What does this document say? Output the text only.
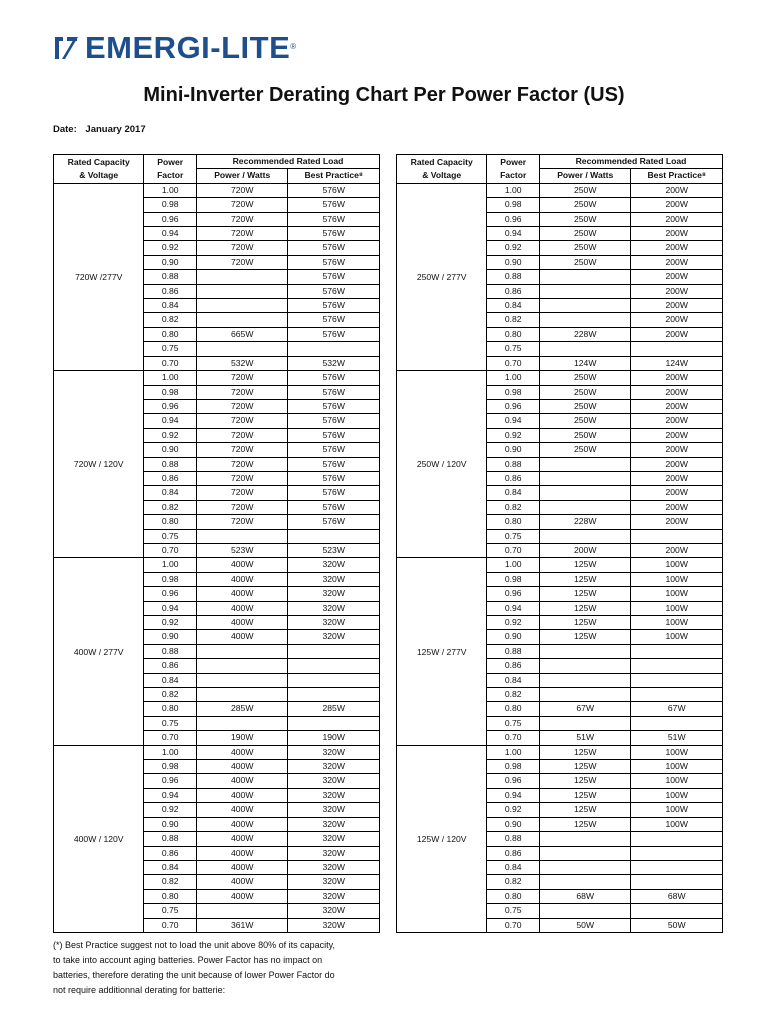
EMERGI-LITE ®
Mini-Inverter Derating Chart Per Power Factor (US)
Date: January 2017
Rated Capacity
& Voltage	Power
Factor	Recommended Rated Load	
		Power / Watts	Best Practice⁸
720W /277V	1.00	720W	576W
	0.98	720W	576W
	0.96	720W	576W
	0.94	720W	576W
	0.92	720W	576W
	0.90	720W	576W
	0.88		576W
	0.86		576W
	0.84		576W
	0.82		576W
	0.80	665W	576W
	0.75		
	0.70	532W	532W
720W / 120V	1.00	720W	576W
	0.98	720W	576W
	0.96	720W	576W
	0.94	720W	576W
	0.92	720W	576W
	0.90	720W	576W
	0.88	720W	576W
	0.86	720W	576W
	0.84	720W	576W
	0.82	720W	576W
	0.80	720W	576W
	0.75		
	0.70	523W	523W
400W / 277V	1.00	400W	320W
	0.98	400W	320W
	0.96	400W	320W
	0.94	400W	320W
	0.92	400W	320W
	0.90	400W	320W
	0.88		
	0.86		
	0.84		
	0.82		
	0.80	285W	285W
	0.75		
	0.70	190W	190W
400W / 120V	1.00	400W	320W
	0.98	400W	320W
	0.96	400W	320W
	0.94	400W	320W
	0.92	400W	320W
	0.90	400W	320W
	0.88	400W	320W
	0.86	400W	320W
	0.84	400W	320W
	0.82	400W	320W
	0.80	400W	320W
	0.75		320W
	0.70	361W	320W
Rated Capacity
& Voltage	Power
Factor	Recommended Rated Load	
		Power / Watts	Best Practice⁸
250W / 277V	1.00	250W	200W
	0.98	250W	200W
	0.96	250W	200W
	0.94	250W	200W
	0.92	250W	200W
	0.90	250W	200W
	0.88		200W
	0.86		200W
	0.84		200W
	0.82		200W
	0.80	228W	200W
	0.75		
	0.70	124W	124W
250W / 120V	1.00	250W	200W
	0.98	250W	200W
	0.96	250W	200W
	0.94	250W	200W
	0.92	250W	200W
	0.90	250W	200W
	0.88		200W
	0.86		200W
	0.84		200W
	0.82		200W
	0.80	228W	200W
	0.75		
	0.70	200W	200W
125W / 277V	1.00	125W	100W
	0.98	125W	100W
	0.96	125W	100W
	0.94	125W	100W
	0.92	125W	100W
	0.90	125W	100W
	0.88		
	0.86		
	0.84		
	0.82		
	0.80	67W	67W
	0.75		
	0.70	51W	51W
125W / 120V	1.00	125W	100W
	0.98	125W	100W
	0.96	125W	100W
	0.94	125W	100W
	0.92	125W	100W
	0.90	125W	100W
	0.88		
	0.86		
	0.84		
	0.82		
	0.80	68W	68W
	0.75		
	0.70	50W	50W
(*) Best Practice suggest not to load the unit above 80% of its capacity, to take into account aging batteries. Power Factor has no impact on batteries, therefore derating the unit because of lower Power Factor do not require additionnal derating for batterie:
